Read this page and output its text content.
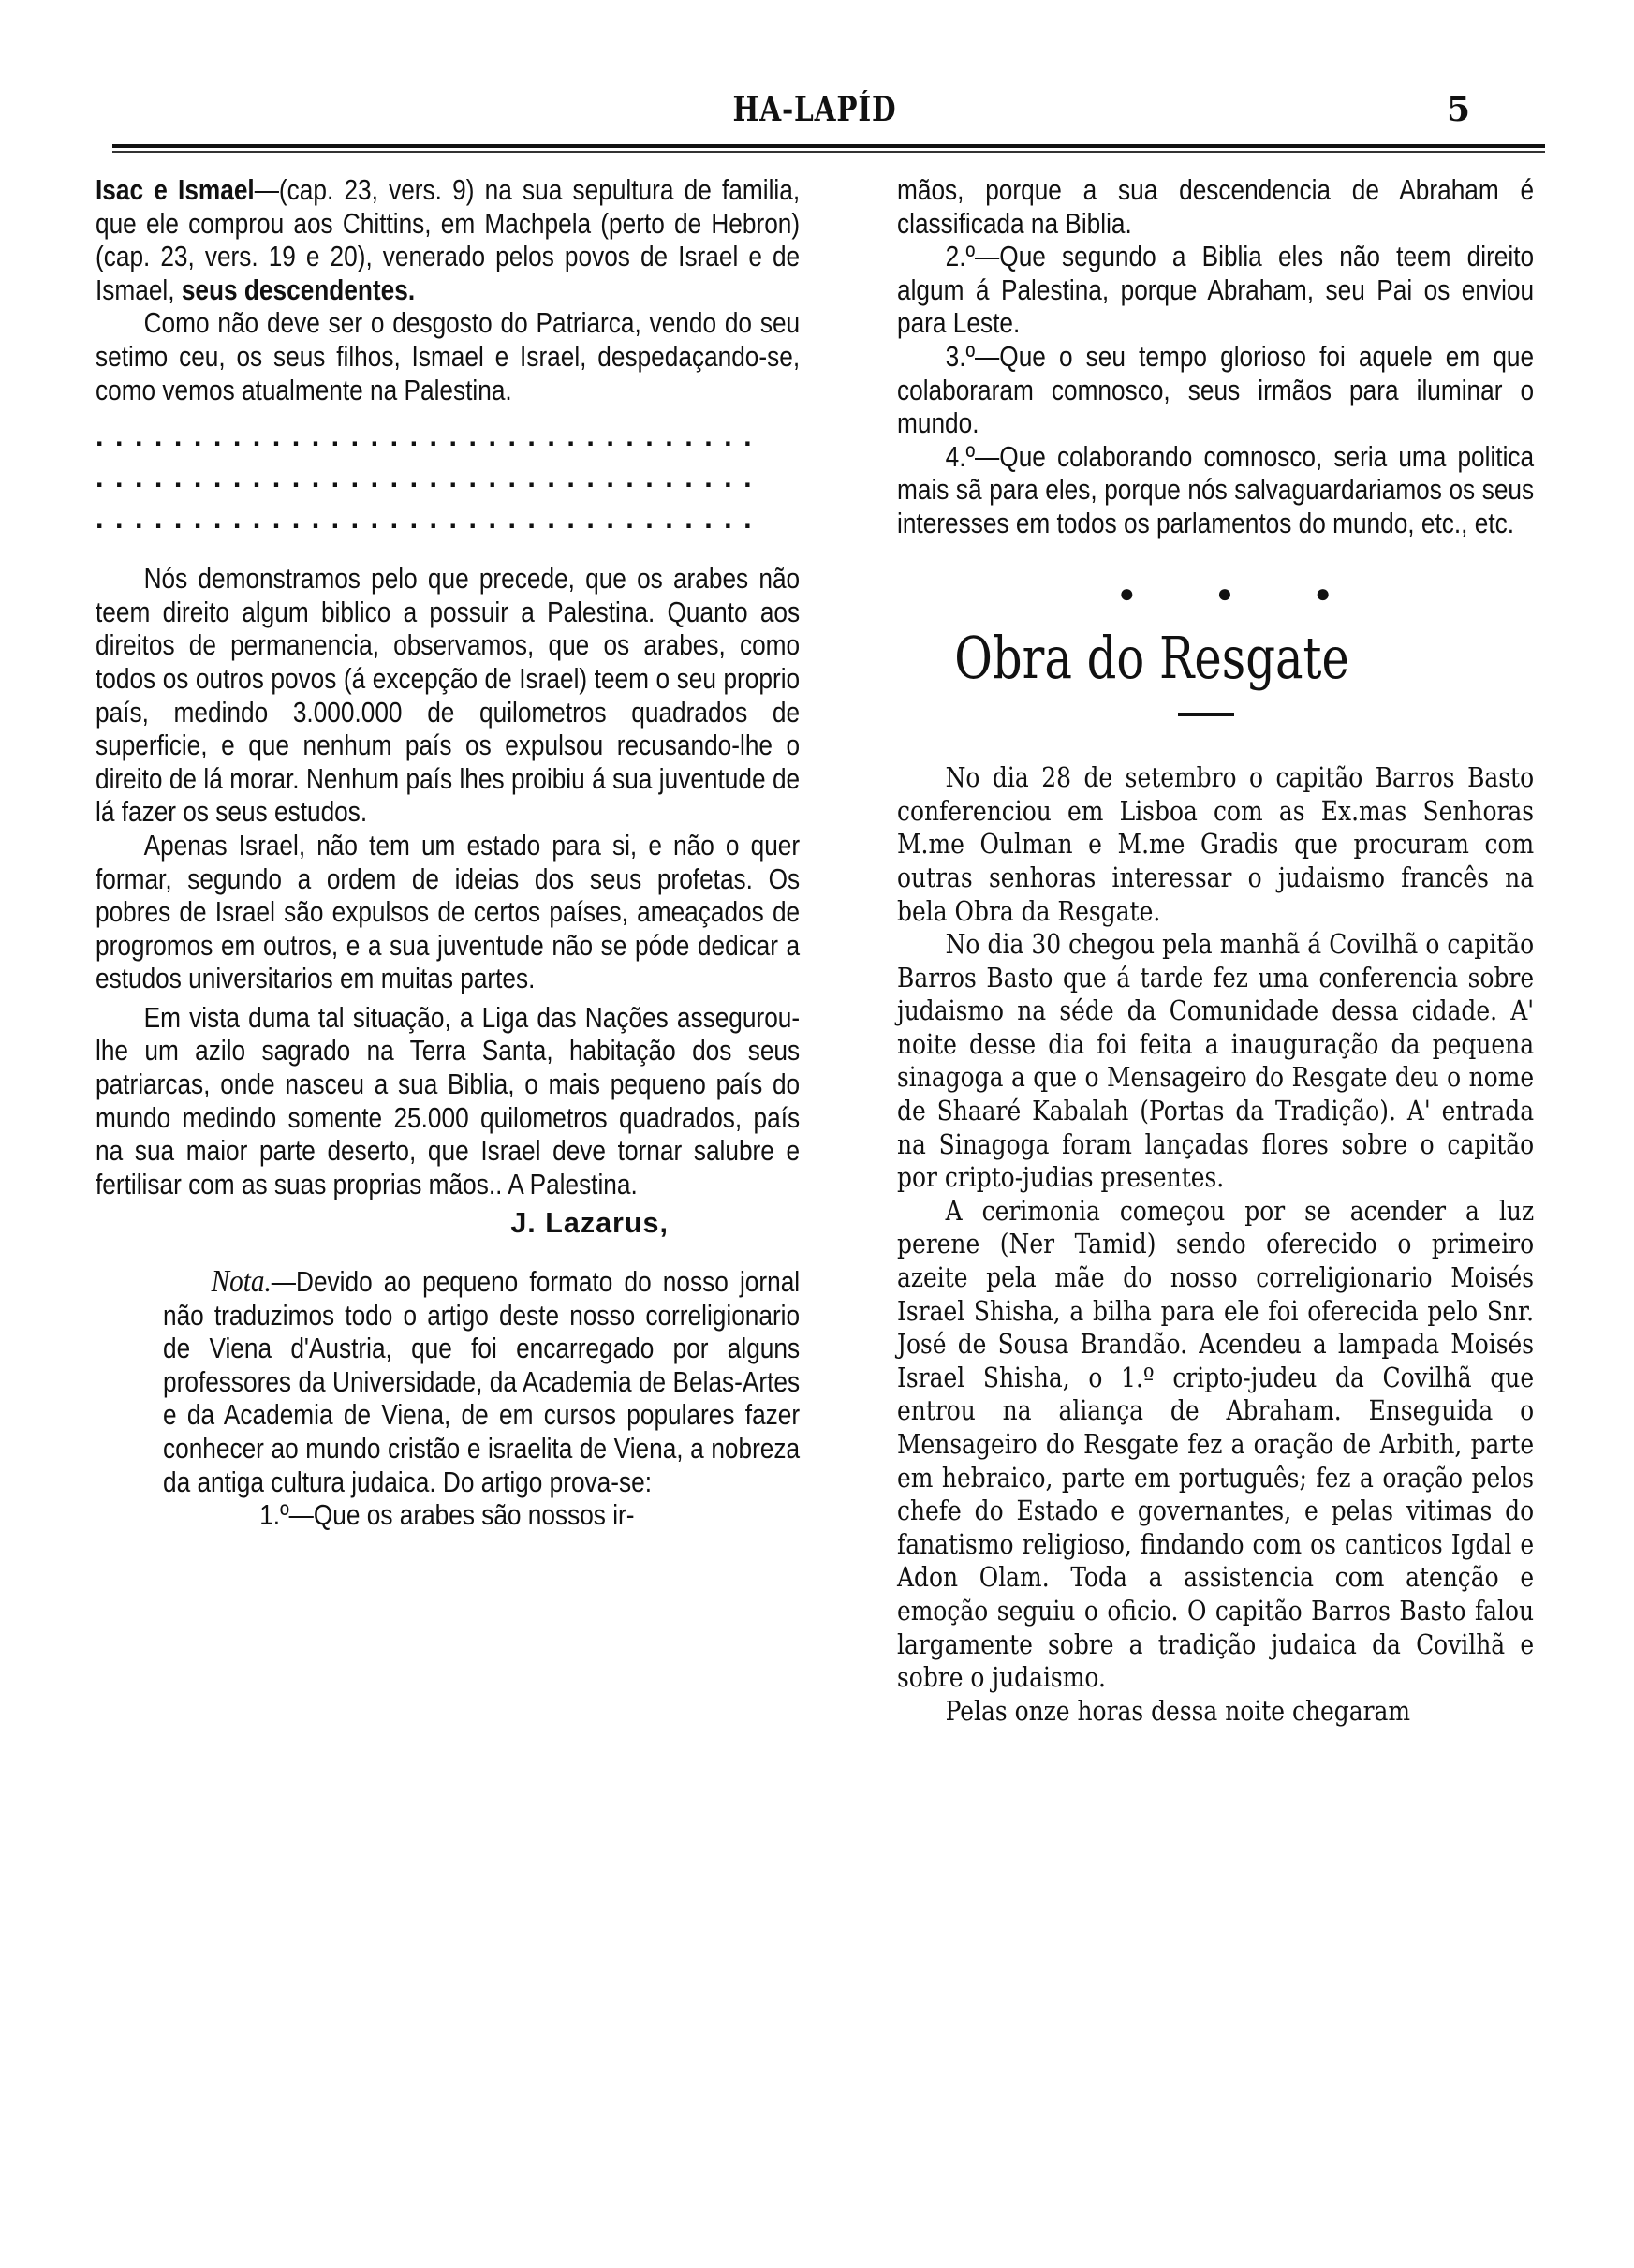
HA-LAPÍD	5

Isac e Ismael—(cap. 23, vers. 9) na sua sepultura de familia, que ele comprou aos Chittins, em Machpela (perto de Hebron) (cap. 23, vers. 19 e 20), venerado pelos povos de Israel e de Ismael, seus descendentes.

Como não deve ser o desgosto do Patriarca, vendo do seu setimo ceu, os seus filhos, Ismael e Israel, despedaçando-se, como vemos atualmente na Palestina.

..................................

..................................

..................................

Nós demonstramos pelo que precede, que os arabes não teem direito algum biblico a possuir a Palestina. Quanto aos direitos de permanencia, observamos, que os arabes, como todos os outros povos (á excepção de Israel) teem o seu proprio país, medindo 3.000.000 de quilometros quadrados de superficie, e que nenhum país os expulsou recusando-lhe o direito de lá morar. Nenhum país lhes proibiu á sua juventude de lá fazer os seus estudos.

Apenas Israel, não tem um estado para si, e não o quer formar, segundo a ordem de ideias dos seus profetas. Os pobres de Israel são expulsos de certos países, ameaçados de progromos em outros, e a sua juventude não se póde dedicar a estudos universitarios em muitas partes.

Em vista duma tal situação, a Liga das Nações assegurou-lhe um azilo sagrado na Terra Santa, habitação dos seus patriarcas, onde nasceu a sua Biblia, o mais pequeno país do mundo medindo somente 25.000 quilometros quadrados, país na sua maior parte deserto, que Israel deve tornar salubre e fertilisar com as suas proprias mãos.. A Palestina.

J. Lazarus,

Nota.—Devido ao pequeno formato do nosso jornal não traduzimos todo o artigo deste nosso correligionario de Viena d'Austria, que foi encarregado por alguns professores da Universidade, da Academia de Belas-Artes e da Academia de Viena, de em cursos populares fazer conhecer ao mundo cristão e israelita de Viena, a nobreza da antiga cultura judaica. Do artigo prova-se:

1.º—Que os arabes são nossos ir-

mãos, porque a sua descendencia de Abraham é classificada na Biblia.

2.º—Que segundo a Biblia eles não teem direito algum á Palestina, porque Abraham, seu Pai os enviou para Leste.

3.º—Que o seu tempo glorioso foi aquele em que colaboraram comnosco, seus irmãos para iluminar o mundo.

4.º—Que colaborando comnosco, seria uma politica mais sã para eles, porque nós salvaguardariamos os seus interesses em todos os parlamentos do mundo, etc., etc.

● ● ●

Obra do Resgate

No dia 28 de setembro o capitão Barros Basto conferenciou em Lisboa com as Ex.mas Senhoras M.me Oulman e M.me Gradis que procuram com outras senhoras interessar o judaismo francês na bela Obra da Resgate.

No dia 30 chegou pela manhã á Covilhã o capitão Barros Basto que á tarde fez uma conferencia sobre judaismo na séde da Comunidade dessa cidade. A' noite desse dia foi feita a inauguração da pequena sinagoga a que o Mensageiro do Resgate deu o nome de Shaaré Kabalah (Portas da Tradição). A' entrada na Sinagoga foram lançadas flores sobre o capitão por cripto-judias presentes.

A cerimonia começou por se acender a luz perene (Ner Tamid) sendo oferecido o primeiro azeite pela mãe do nosso correligionario Moisés Israel Shisha, a bilha para ele foi oferecida pelo Snr. José de Sousa Brandão. Acendeu a lampada Moisés Israel Shisha, o 1.º cripto-judeu da Covilhã que entrou na aliança de Abraham. Enseguida o Mensageiro do Resgate fez a oração de Arbith, parte em hebraico, parte em português; fez a oração pelos chefe do Estado e governantes, e pelas vitimas do fanatismo religioso, findando com os canticos Igdal e Adon Olam. Toda a assistencia com atenção e emoção seguiu o oficio. O capitão Barros Basto falou largamente sobre a tradição judaica da Covilhã e sobre o judaismo.

Pelas onze horas dessa noite chegaram
